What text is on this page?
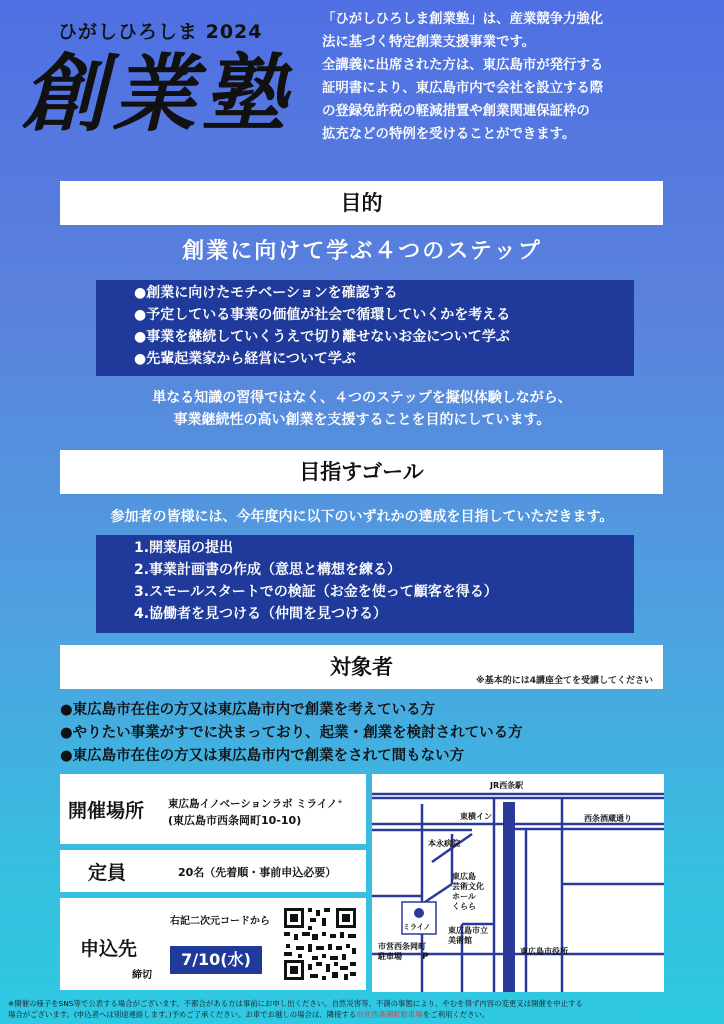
ひがしひろしま 2024
創業塾

「ひがしひろしま創業塾」は、産業競争力強化

法に基づく特定創業支援事業です。

全講義に出席された方は、東広島市が発行する

証明書により、東広島市内で会社を設立する際

の登録免許税の軽減措置や創業関連保証枠の

拡充などの特例を受けることができます。

目的
創業に向けて学ぶ４つのステップ
●創業に向けたモチベーションを確認する
●予定している事業の価値が社会で循環していくかを考える
●事業を継続していくうえで切り離せないお金について学ぶ
●先輩起業家から経営について学ぶ
単なる知識の習得ではなく、４つのステップを擬似体験しながら、
事業継続性の高い創業を支援することを目的にしています。
目指すゴール
参加者の皆様には、今年度内に以下のいずれかの達成を目指していただきます。
1.開業届の提出
2.事業計画書の作成（意思と構想を練る）
3.スモールスタートでの検証（お金を使って顧客を得る）
4.協働者を見つける（仲間を見つける）
対象者
※基本的には4講座全てを受講してください
●東広島市在住の方又は東広島市内で創業を考えている方
●やりたい事業がすでに決まっており、起業・創業を検討されている方
●東広島市在住の方又は東広島市内で創業をされて間もない方
開催場所 東広島イノベーションラボ ミライノ⁺
(東広島市西条岡町10-10)
定員	20名（先着順・事前申込必要）
申込先
締切
右記二次元コードから
7/10(水)
JR西条駅
東横イン	西条酒蔵通り
本永病院
東広島
芸術文化
ホール
くらら
東広島市立
美術館
市営西条岡町
駐車場	P
東広島市役所
ミライノ
※開催の様子をSNS等で公表する場合がございます。不都合がある方は事前にお申し出ください。自然災害等、不測の事態により、やむを得ず内容の変更又は開催を中止する
場合がございます。(申込者へは別途連絡します。)予めご了承ください。お車でお越しの場合は、隣接する市営西条岡町駐車場をご利用ください。
